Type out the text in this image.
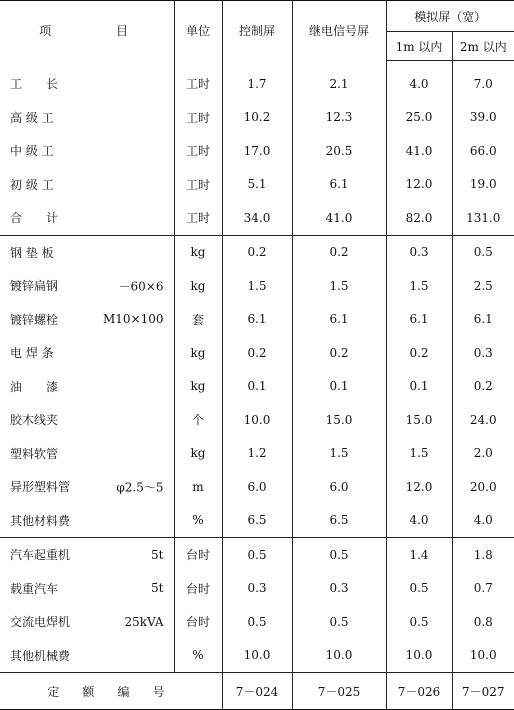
项　目	单位	控制屏	继电信号屏	模拟屏（宽）	
				1m 以内	2m 以内
工　　长	工时	1.7	2.1	4.0	7.0
高 级 工	工时	10.2	12.3	25.0	39.0
中 级 工	工时	17.0	20.5	41.0	66.0
初 级 工	工时	5.1	6.1	12.0	19.0
合　　计	工时	34.0	41.0	82.0	131.0
钢 垫 板	kg	0.2	0.2	0.3	0.5
镀锌扁钢 －60×6	kg	1.5	1.5	1.5	2.5
镀锌螺栓 M10×100	套	6.1	6.1	6.1	6.1
电 焊 条	kg	0.2	0.2	0.2	0.3
油　　漆	kg	0.1	0.1	0.1	0.2
胶木线夹	个	10.0	15.0	15.0	24.0
塑料软管	kg	1.2	1.5	1.5	2.0
异形塑料管 φ2.5～5	m	6.0	6.0	12.0	20.0
其他材料费	%	6.5	6.5	4.0	4.0
汽车起重机 5t	台时	0.5	0.5	1.4	1.8
载重汽车 5t	台时	0.3	0.3	0.5	0.7
交流电焊机 25kVA	台时	0.5	0.5	0.5	0.8
其他机械费	%	10.0	10.0	10.0	10.0
定 额 编 号		7－024	7－025	7－026	7－027
